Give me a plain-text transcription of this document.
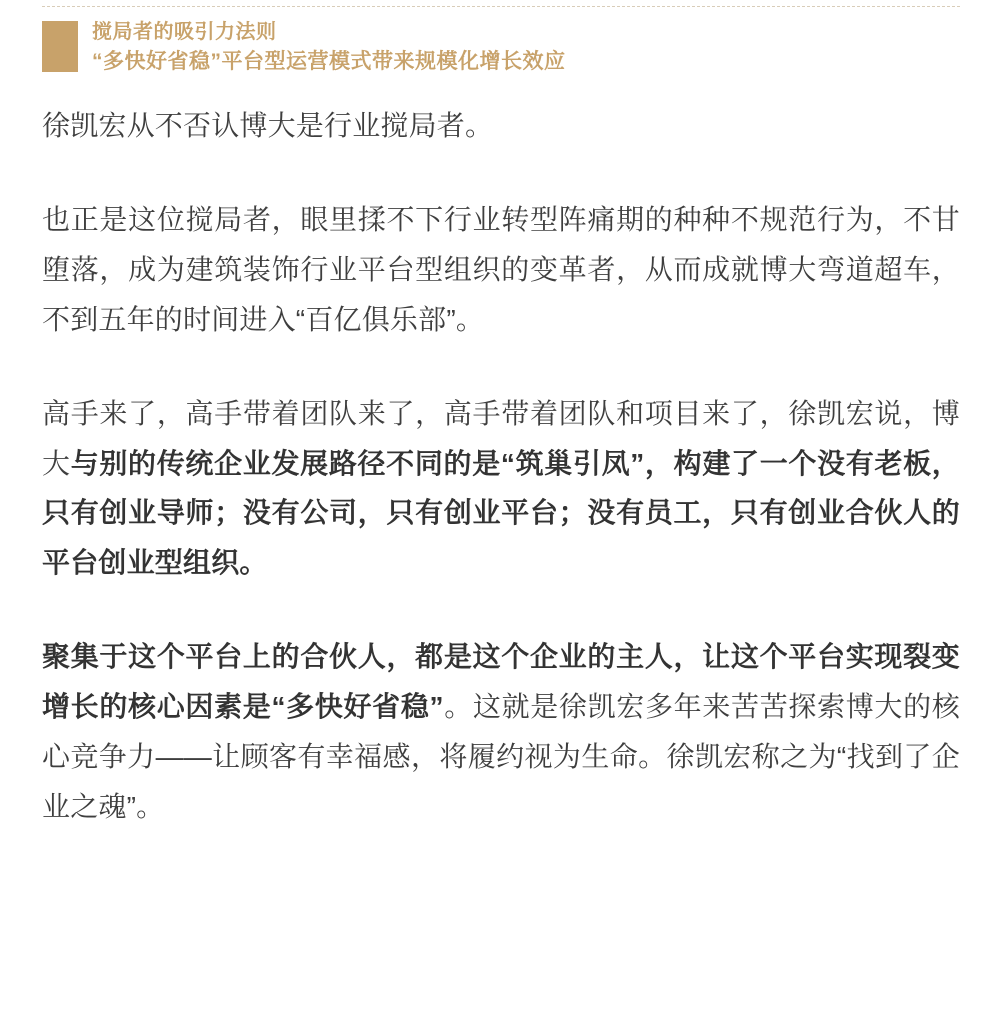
搅局者的吸引力法则
“多快好省稳”平台型运营模式带来规模化增长效应

徐凯宏从不否认博大是行业搅局者。

也正是这位搅局者，眼里揉不下行业转型阵痛期的种种不规范行为，不甘堕落，成为建筑装饰行业平台型组织的变革者，从而成就博大弯道超车，不到五年的时间进入“百亿俱乐部”。

高手来了，高手带着团队来了，高手带着团队和项目来了，徐凯宏说，博大与别的传统企业发展路径不同的是“筑巢引凤”，构建了一个没有老板，只有创业导师；没有公司，只有创业平台；没有员工，只有创业合伙人的平台创业型组织。

聚集于这个平台上的合伙人，都是这个企业的主人，让这个平台实现裂变增长的核心因素是“多快好省稳”。这就是徐凯宏多年来苦苦探索博大的核心竞争力——让顾客有幸福感，将履约视为生命。徐凯宏称之为“找到了企业之魂”。
